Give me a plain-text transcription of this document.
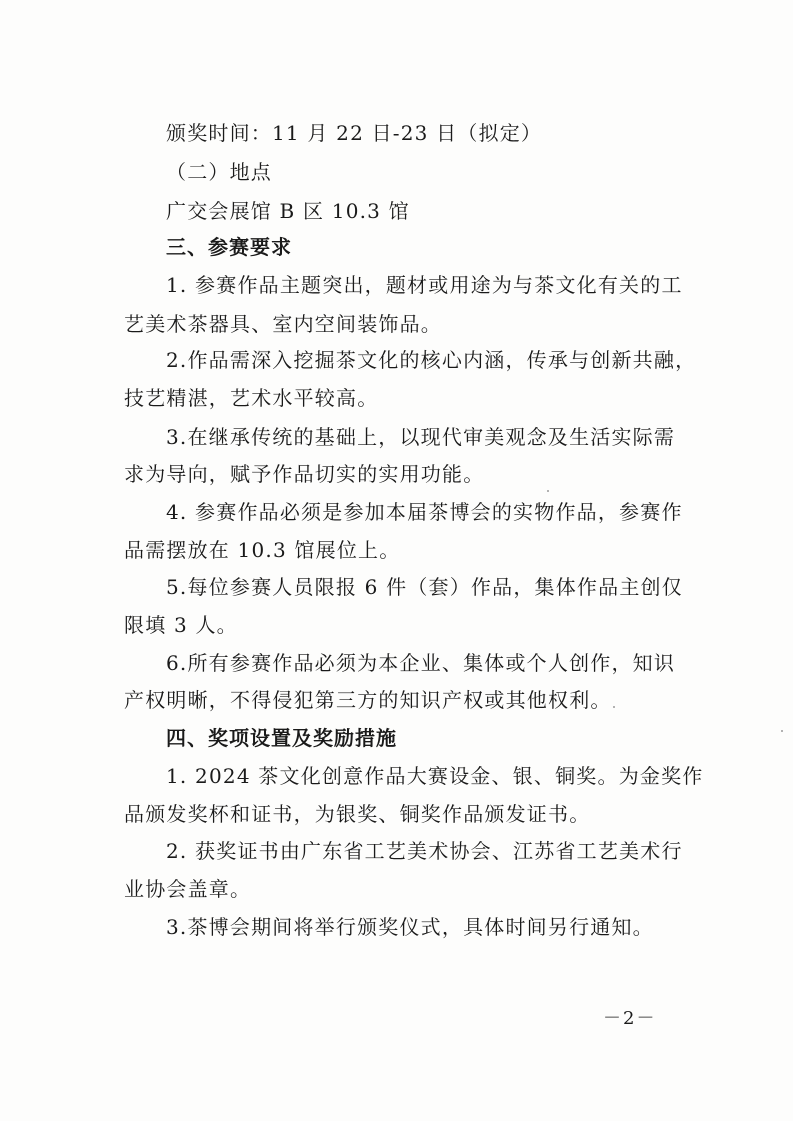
颁奖时间：11 月 22 日-23 日（拟定）
（二）地点
广交会展馆 B 区 10.3 馆
三、参赛要求
1. 参赛作品主题突出，题材或用途为与茶文化有关的工
艺美术茶器具、室内空间装饰品。
2.作品需深入挖掘茶文化的核心内涵，传承与创新共融，
技艺精湛，艺术水平较高。
3.在继承传统的基础上，以现代审美观念及生活实际需
求为导向，赋予作品切实的实用功能。
4. 参赛作品必须是参加本届茶博会的实物作品，参赛作
品需摆放在 10.3 馆展位上。
5.每位参赛人员限报 6 件（套）作品，集体作品主创仅
限填 3 人。
6.所有参赛作品必须为本企业、集体或个人创作，知识
产权明晰，不得侵犯第三方的知识产权或其他权利。
四、奖项设置及奖励措施
1. 2024 茶文化创意作品大赛设金、银、铜奖。为金奖作
品颁发奖杯和证书，为银奖、铜奖作品颁发证书。
2. 获奖证书由广东省工艺美术协会、江苏省工艺美术行
业协会盖章。
3.茶博会期间将举行颁奖仪式，具体时间另行通知。
－2－
